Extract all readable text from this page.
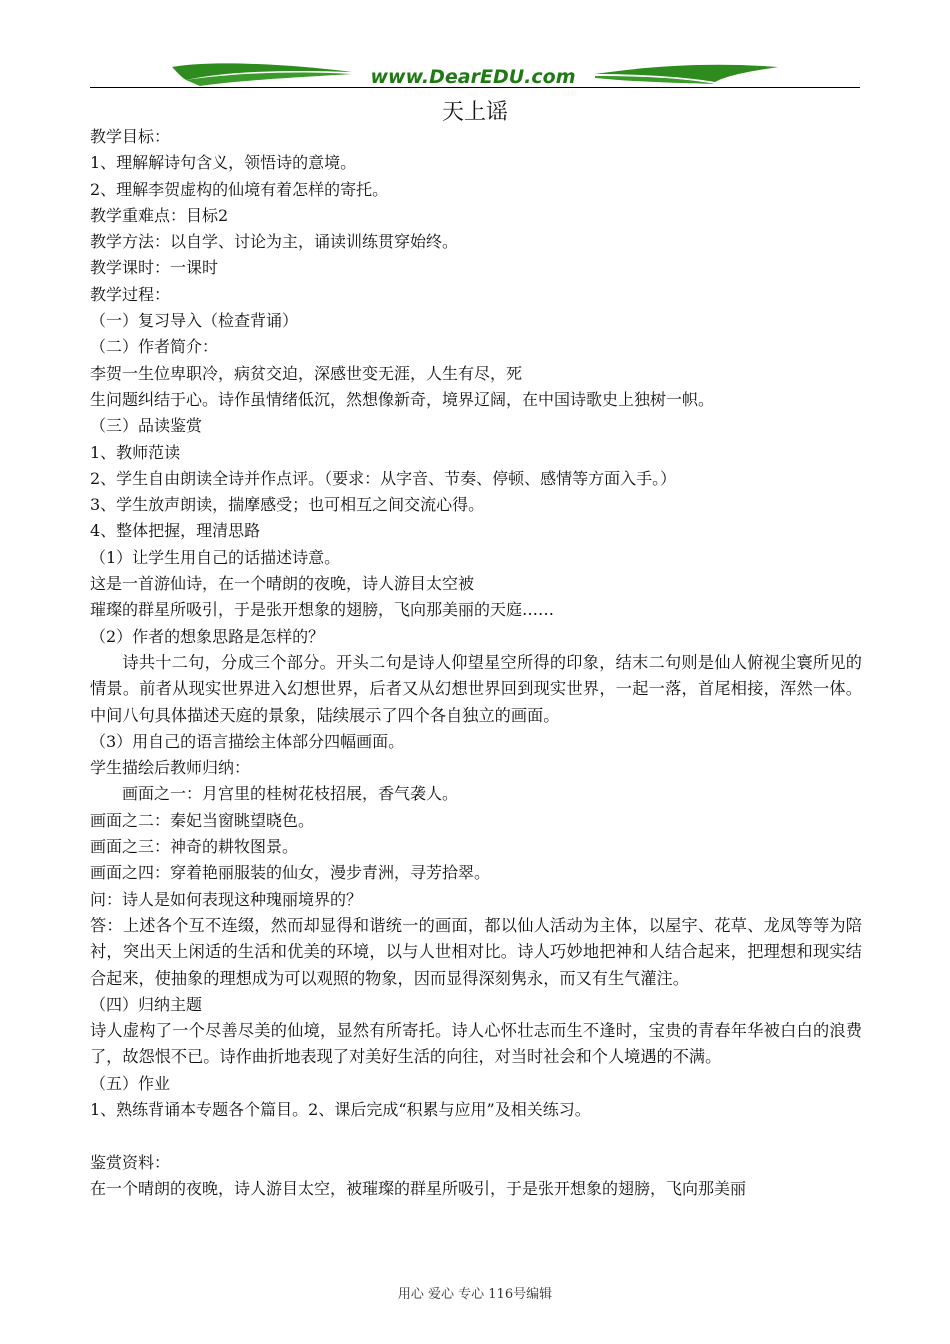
www.DearEDU.com
天上谣
教学目标：
1、理解解诗句含义，领悟诗的意境。
2、理解李贺虚构的仙境有着怎样的寄托。
教学重难点：目标2
教学方法：以自学、讨论为主，诵读训练贯穿始终。
教学课时：一课时
教学过程：
（一）复习导入（检查背诵）
（二）作者简介：
李贺一生位卑职冷，病贫交迫，深感世变无涯，人生有尽，死
生问题纠结于心。诗作虽情绪低沉，然想像新奇，境界辽阔，在中国诗歌史上独树一帜。
（三）品读鉴赏
1、教师范读
2、学生自由朗读全诗并作点评。（要求：从字音、节奏、停顿、感情等方面入手。）
3、学生放声朗读，揣摩感受；也可相互之间交流心得。
4、整体把握，理清思路
（1）让学生用自己的话描述诗意。
这是一首游仙诗，在一个晴朗的夜晚，诗人游目太空被
璀璨的群星所吸引，于是张开想象的翅膀，飞向那美丽的天庭……
（2）作者的想象思路是怎样的？

诗共十二句，分成三个部分。开头二句是诗人仰望星空所得的印象，结末二句则是仙人俯视尘寰所见的情景。前者从现实世界进入幻想世界，后者又从幻想世界回到现实世界，一起一落，首尾相接，浑然一体。中间八句具体描述天庭的景象，陆续展示了四个各自独立的画面。

（3）用自己的语言描绘主体部分四幅画面。
学生描绘后教师归纳：
画面之一：月宫里的桂树花枝招展，香气袭人。
画面之二：秦妃当窗眺望晓色。
画面之三：神奇的耕牧图景。
画面之四：穿着艳丽服装的仙女，漫步青洲，寻芳拾翠。
问：诗人是如何表现这种瑰丽境界的？

答：上述各个互不连缀，然而却显得和谐统一的画面，都以仙人活动为主体，以屋宇、花草、龙凤等等为陪衬，突出天上闲适的生活和优美的环境，以与人世相对比。诗人巧妙地把神和人结合起来，把理想和现实结合起来，使抽象的理想成为可以观照的物象，因而显得深刻隽永，而又有生气灌注。

（四）归纳主题

诗人虚构了一个尽善尽美的仙境，显然有所寄托。诗人心怀壮志而生不逢时，宝贵的青春年华被白白的浪费了，故怨恨不已。诗作曲折地表现了对美好生活的向往，对当时社会和个人境遇的不满。

（五）作业
1、熟练背诵本专题各个篇目。2、课后完成“积累与应用”及相关练习。
鉴赏资料：
在一个晴朗的夜晚，诗人游目太空，被璀璨的群星所吸引，于是张开想象的翅膀，飞向那美丽
用心 爱心 专心 116号编辑
